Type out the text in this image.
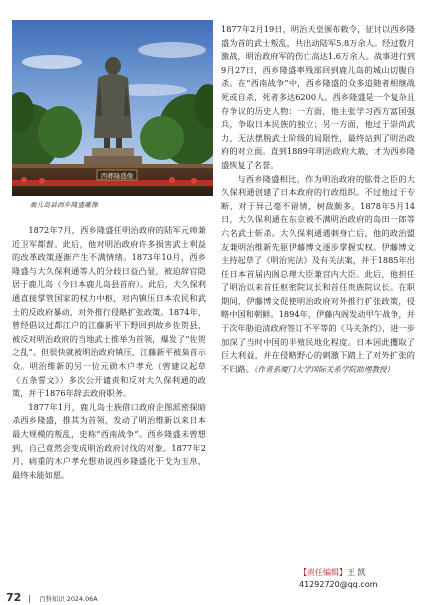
西郷隆盛像
鹿儿岛县西乡隆盛雕像

1872年7月，西乡隆盛任明治政府的陆军元帅兼近卫军都督。此后，他对明治政府许多损害武士利益的改革政策逐渐产生不满情绪。1873年10月，西乡隆盛与大久保利通等人的分歧日益凸显，被迫辞官隐居于鹿儿岛（今日本鹿儿岛县首府）。此后，大久保利通直接掌管国家的权力中枢，对内镇压日本农民和武士的反政府暴动，对外推行侵略扩张政策。1874年，曾经倡议过都江户的江藤新平下野回到故乡佐贺县，被反对明治政府的当地武士推举为首领，爆发了“佐贺之乱”。但很快就被明治政府镇压，江藤新平被枭首示众。明治维新的另一位元勋木户孝允（曾建议起草《五条誓文》）多次公开谴责和反对大久保利通的政策，并于1876年辞去政府职务。

1877年1月，鹿儿岛士族借口政府企图派密探暗杀西乡隆盛，推其为首领，发动了明治维新以来日本最大规模的叛乱，史称“西南战争”。西乡隆盛未曾想到，自己竟然会变成明治政府讨伐的对象。1877年2月，病重的木户孝允想劝说西乡隆盛化干戈为玉帛，最终未能如愿。

1877年2月19日，明治天皇颁布敕令，征讨以西乡隆盛为首的武士叛乱，共出动陆军5.8万余人。经过数月激战，明治政府军的伤亡高达1.6万余人。战事进行到9月27日，西乡隆盛率残部回到鹿儿岛的城山切腹自杀。在“西南战争”中，西乡隆盛的众多追随者相继战死或自杀，死者多达6200人。西乡隆盛是一个复杂且存争议的历史人物：一方面，他主张学习西方富国强兵，争取日本民族的独立；另一方面，他过于崇尚武力，无法摆脱武士阶级的局限性，最终站到了明治政府的对立面。直到1889年明治政府大赦，才为西乡隆盛恢复了名誉。

与西乡隆盛相比，作为明治政府的肱骨之臣的大久保利通创建了日本政府的行政组织。不过他过于专断，对于异己毫不留情，树敌颇多。1878年5月14日，大久保利通在东京被不满明治政府的岛田一郎等六名武士斩杀。大久保利通遇刺身亡后，他的政治盟友兼明治维新先驱伊藤博文逐步掌握实权。伊藤博文主持起草了《明治宪法》及有关法案，并于1885年出任日本首届内阁总理大臣兼宫内大臣。此后，他担任了明治以来首任枢密院议长和首任贵族院议长。在职期间，伊藤博文促使明治政府对外推行扩张政策，侵略中国和朝鲜。1894年，伊藤内阁发动甲午战争，并于次年胁迫清政府签订不平等的《马关条约》，进一步加深了当时中国的半殖民地化程度。日本因此攫取了巨大利益，并在侵略野心的刺激下踏上了对外扩张的不归路。（作者系厦门大学国际关系学院助理教授）

【责任编辑】王 凯
41292720@qq.com
72 | 百科知识 2024.06A
